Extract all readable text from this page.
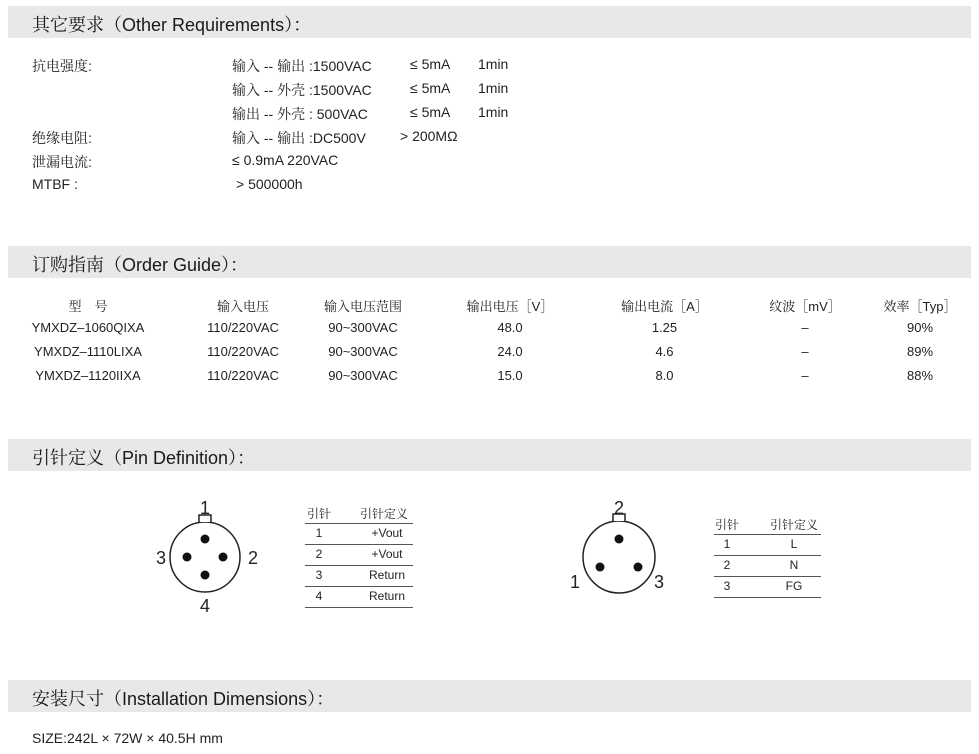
其它要求（Other Requirements）：
抗电强度:	输入 -- 输出 :1500VAC	≤ 5mA 1min
输入 -- 外壳 :1500VAC	≤ 5mA 1min
输出 -- 外壳 : 500VAC	≤ 5mA 1min
绝缘电阻:	输入 -- 输出 :DC500V > 200MΩ
泄漏电流:	≤ 0.9mA 220VAC
MTBF :	> 500000h
订购指南（Order Guide）：
型　号	输入电压	输入电压范围	输出电压［V］	输出电流［A］	纹波［mV］	效率［Typ］
YMXDZ–1060QIXA	110/220VAC	90~300VAC	48.0	1.25	–	90%
YMXDZ–1110LIXA	110/220VAC	90~300VAC	24.0	4.6	–	89%
YMXDZ–1120IIXA	110/220VAC	90~300VAC	15.0	8.0	–	88%
引针定义（Pin Definition）：
1
3	2
4
引针	引针定义
1	+Vout
2	+Vout
3	Return
4	Return
2
1	3
引针	引针定义
1	L
2	N
3	FG
安装尺寸（Installation Dimensions）：
SIZE:242L × 72W × 40.5H mm
